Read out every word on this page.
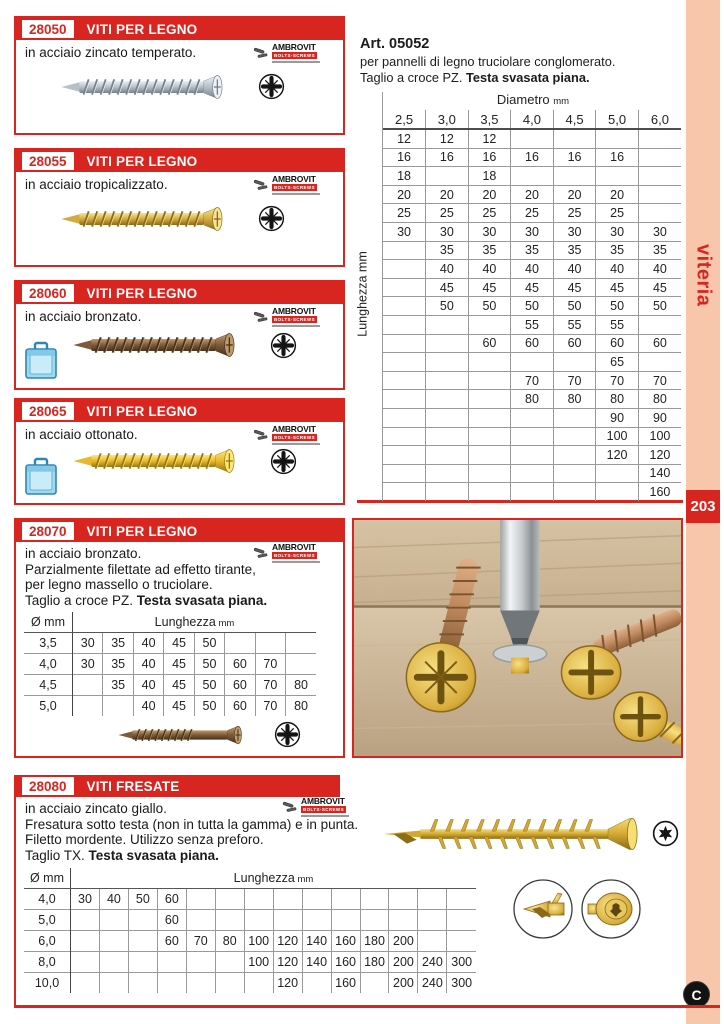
viteria
203
C
28050	VITI PER LEGNO
in acciaio zincato temperato.	AMBROVIT
BOLTS-SCREWS
28055	VITI PER LEGNO
in acciaio tropicalizzato.	AMBROVIT
BOLTS-SCREWS
28060	VITI PER LEGNO
in acciaio bronzato.	AMBROVIT
BOLTS-SCREWS
28065	VITI PER LEGNO
in acciaio ottonato.	AMBROVIT
BOLTS-SCREWS
Art. 05052
per pannelli di legno truciolare conglomerato.
Taglio a croce PZ. Testa svasata piana.
Lunghezza mm
Diametro mm
2,5	3,0	3,5	4,0	4,5	5,0	6,0
12	12	12				
16	16	16	16	16	16	
18		18				
20	20	20	20	20	20	
25	25	25	25	25	25	
30	30	30	30	30	30	30
	35	35	35	35	35	35
	40	40	40	40	40	40
	45	45	45	45	45	45
	50	50	50	50	50	50
			55	55	55	
		60	60	60	60	60
					65	
			70	70	70	70
			80	80	80	80
					90	90
					100	100
					120	120
						140
						160
28070	VITI PER LEGNO
in acciaio bronzato.
Parzialmente filettate ad effetto tirante,
per legno massello o truciolare.
Taglio a croce PZ. Testa svasata piana.
AMBROVIT
BOLTS-SCREWS
Ø mm	Lunghezza mm							
3,5	30	35	40	45	50			
4,0	30	35	40	45	50	60	70	
4,5		35	40	45	50	60	70	80
5,0			40	45	50	60	70	80
28080	VITI FRESATE
in acciaio zincato giallo.
Fresatura sotto testa (non in tutta la gamma) e in punta.
Filetto mordente. Utilizzo senza preforo.
Taglio TX. Testa svasata piana.
AMBROVIT
BOLTS-SCREWS
Ø mm	Lunghezza mm													
4,0	30	40	50	60										
5,0				60										
6,0				60	70	80	100	120	140	160	180	200		
8,0							100	120	140	160	180	200	240	300
10,0								120		160		200	240	300
